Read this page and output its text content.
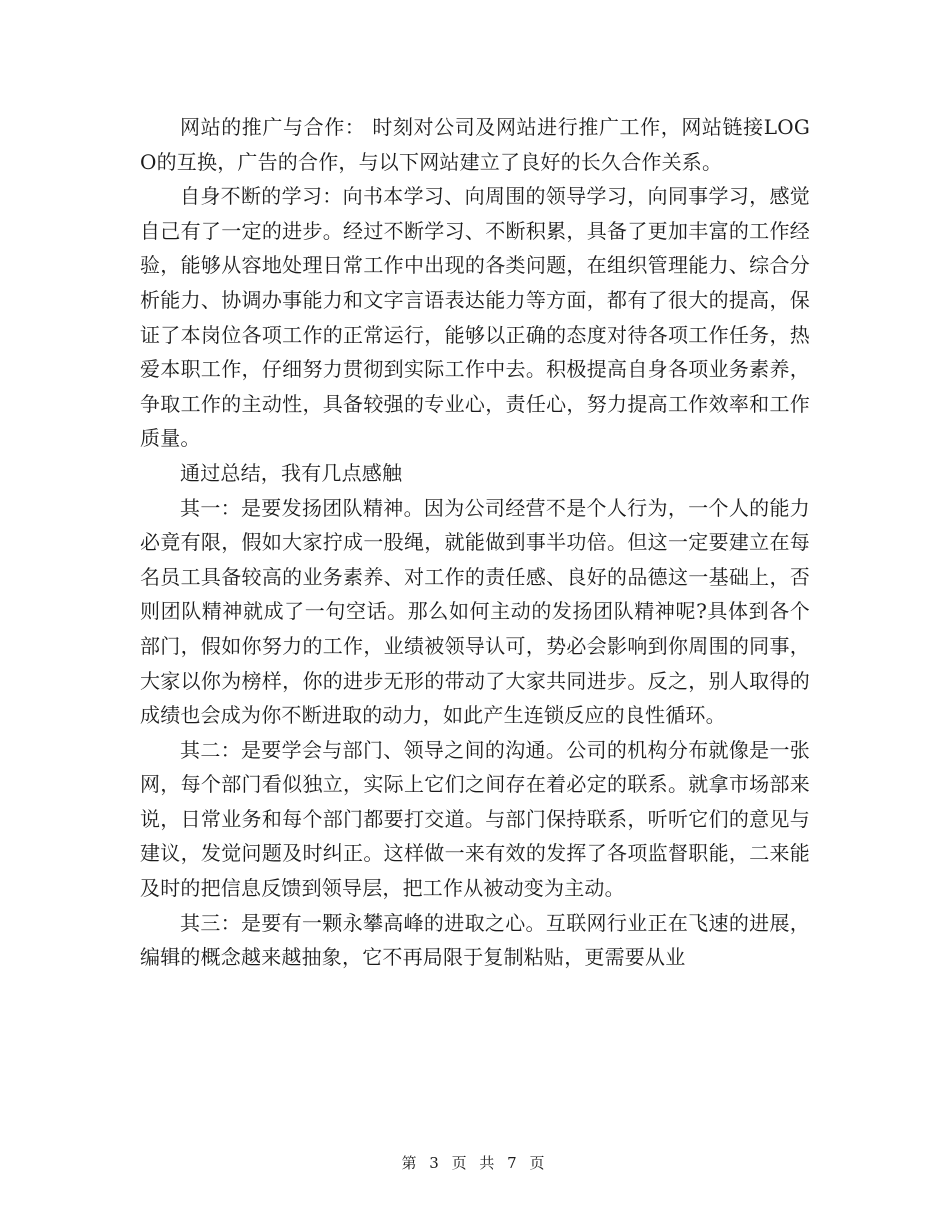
网站的推广与合作： 时刻对公司及网站进行推广工作，网站链接LOGO的互换，广告的合作，与以下网站建立了良好的长久合作关系。

自身不断的学习：向书本学习、向周围的领导学习，向同事学习，感觉自己有了一定的进步。经过不断学习、不断积累，具备了更加丰富的工作经验，能够从容地处理日常工作中出现的各类问题，在组织管理能力、综合分析能力、协调办事能力和文字言语表达能力等方面，都有了很大的提高，保证了本岗位各项工作的正常运行，能够以正确的态度对待各项工作任务，热爱本职工作，仔细努力贯彻到实际工作中去。积极提高自身各项业务素养，争取工作的主动性，具备较强的专业心，责任心，努力提高工作效率和工作质量。

通过总结，我有几点感触

其一：是要发扬团队精神。因为公司经营不是个人行为，一个人的能力必竟有限，假如大家拧成一股绳，就能做到事半功倍。但这一定要建立在每名员工具备较高的业务素养、对工作的责任感、良好的品德这一基础上，否则团队精神就成了一句空话。那么如何主动的发扬团队精神呢?具体到各个部门，假如你努力的工作，业绩被领导认可，势必会影响到你周围的同事，大家以你为榜样，你的进步无形的带动了大家共同进步。反之，别人取得的成绩也会成为你不断进取的动力，如此产生连锁反应的良性循环。

其二：是要学会与部门、领导之间的沟通。公司的机构分布就像是一张网，每个部门看似独立，实际上它们之间存在着必定的联系。就拿市场部来说，日常业务和每个部门都要打交道。与部门保持联系，听听它们的意见与建议，发觉问题及时纠正。这样做一来有效的发挥了各项监督职能，二来能及时的把信息反馈到领导层，把工作从被动变为主动。

其三：是要有一颗永攀高峰的进取之心。互联网行业正在飞速的进展，编辑的概念越来越抽象，它不再局限于复制粘贴，更需要从业

第 3 页 共 7 页
